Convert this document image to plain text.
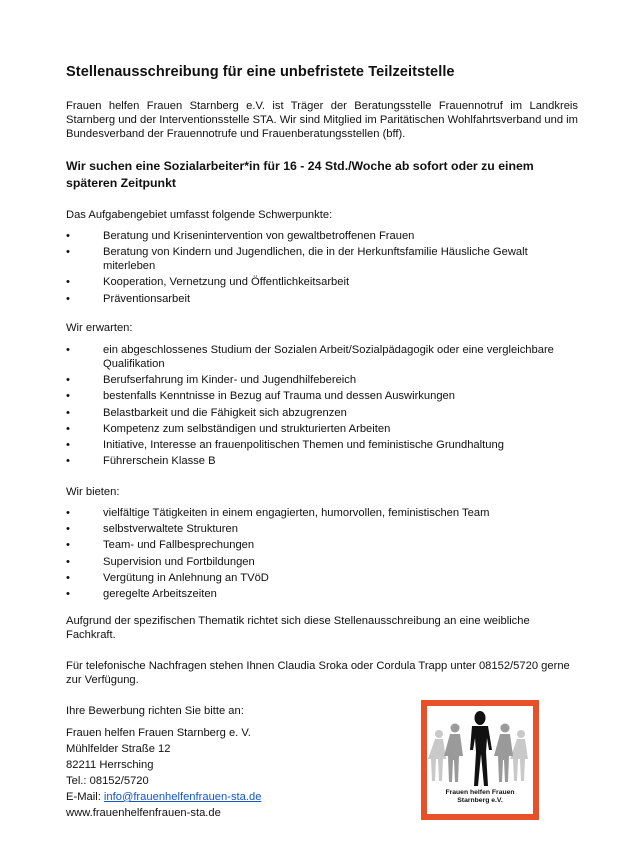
Stellenausschreibung für eine unbefristete Teilzeitstelle

Frauen helfen Frauen Starnberg e.V. ist Träger der Beratungsstelle Frauennotruf im Landkreis Starnberg und der Interventionsstelle STA. Wir sind Mitglied im Paritätischen Wohlfahrtsverband und im Bundesverband der Frauennotrufe und Frauenberatungsstellen (bff).

Wir suchen eine Sozialarbeiter*in für 16 - 24 Std./Woche ab sofort oder zu einem späteren Zeitpunkt

Das Aufgabengebiet umfasst folgende Schwerpunkte:

•	Beratung und Krisenintervention von gewaltbetroffenen Frauen
•	Beratung von Kindern und Jugendlichen, die in der Herkunftsfamilie Häusliche Gewalt miterleben
•	Kooperation, Vernetzung und Öffentlichkeitsarbeit
•	Präventionsarbeit

Wir erwarten:

•	ein abgeschlossenes Studium der Sozialen Arbeit/Sozialpädagogik oder eine vergleichbare Qualifikation
•	Berufserfahrung im Kinder- und Jugendhilfebereich
•	bestenfalls Kenntnisse in Bezug auf Trauma und dessen Auswirkungen
•	Belastbarkeit und die Fähigkeit sich abzugrenzen
•	Kompetenz zum selbständigen und strukturierten Arbeiten
•	Initiative, Interesse an frauenpolitischen Themen und feministische Grundhaltung
•	Führerschein Klasse B

Wir bieten:

•	vielfältige Tätigkeiten in einem engagierten, humorvollen, feministischen Team
•	selbstverwaltete Strukturen
•	Team- und Fallbesprechungen
•	Supervision und Fortbildungen
•	Vergütung in Anlehnung an TVöD
•	geregelte Arbeitszeiten

Aufgrund der spezifischen Thematik richtet sich diese Stellenausschreibung an eine weibliche Fachkraft.

Für telefonische Nachfragen stehen Ihnen Claudia Sroka oder Cordula Trapp unter 08152/5720 gerne zur Verfügung.

Ihre Bewerbung richten Sie bitte an:

Frauen helfen Frauen Starnberg e. V.
Mühlfelder Straße 12
82211 Herrsching
Tel.: 08152/5720
E-Mail: info@frauenhelfenfrauen-sta.de
www.frauenhelfenfrauen-sta.de
Frauen helfen Frauen
Starnberg e.V.
